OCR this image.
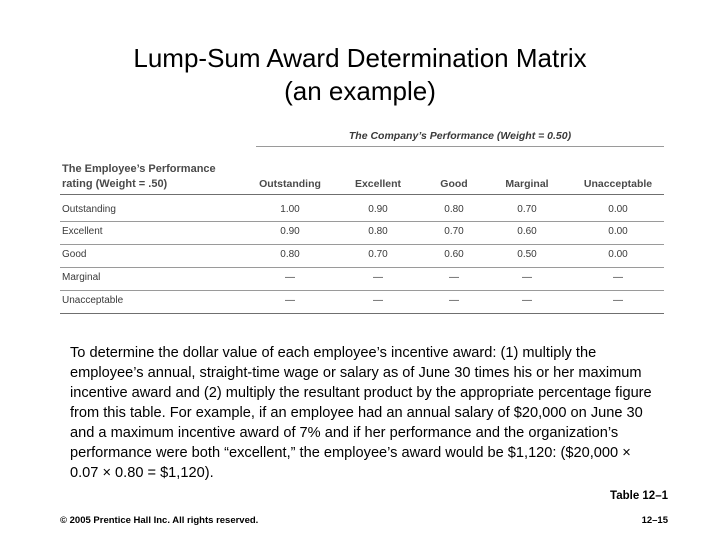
Lump-Sum Award Determination Matrix
(an example)
The Company’s Performance (Weight = 0.50)
The Employee’s Performance
rating (Weight = .50)	Outstanding	Excellent	Good	Marginal	Unacceptable
Outstanding	1.00	0.90	0.80	0.70	0.00
Excellent	0.90	0.80	0.70	0.60	0.00
Good	0.80	0.70	0.60	0.50	0.00
Marginal	—	—	—	—	—
Unacceptable	—	—	—	—	—
To determine the dollar value of each employee’s incentive award: (1) multiply the employee’s annual, straight-time wage or salary as of June 30 times his or her maximum incentive award and (2) multiply the resultant product by the appropriate percentage figure from this table. For example, if an employee had an annual salary of $20,000 on June 30 and a maximum incentive award of 7% and if her performance and the organization’s performance were both “excellent,” the employee’s award would be $1,120: ($20,000 × 0.07 × 0.80 = $1,120).
Table 12–1
© 2005 Prentice Hall Inc. All rights reserved.	12–15
